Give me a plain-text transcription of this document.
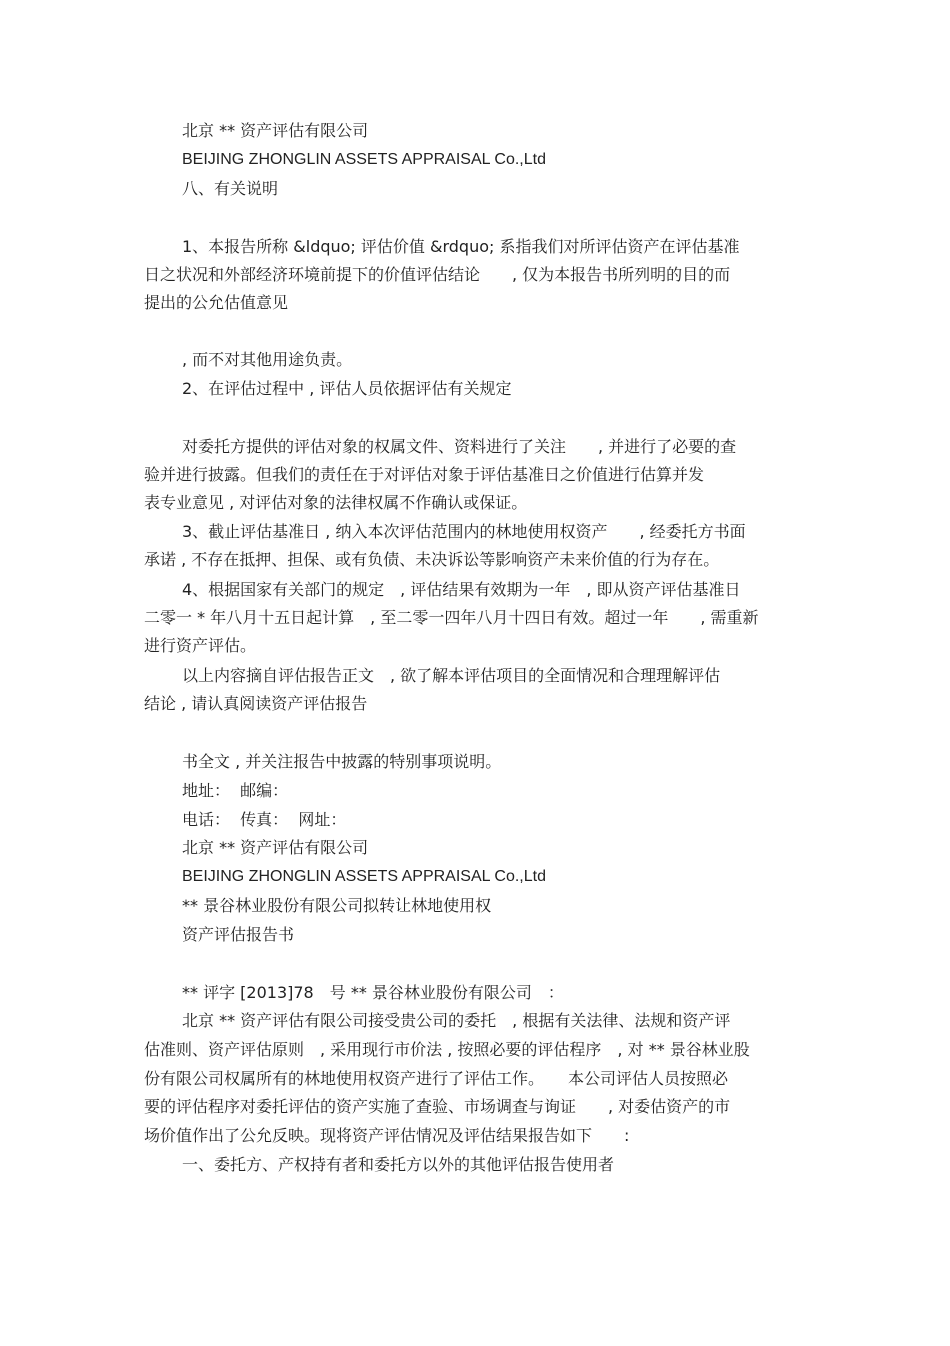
北京 ** 资产评估有限公司
BEIJING ZHONGLIN ASSETS APPRAISAL Co.,Ltd
八、有关说明
1、本报告所称 &ldquo; 评估价值 &rdquo; 系指我们对所评估资产在评估基准
日之状况和外部经济环境前提下的价值评估结论　　, 仅为本报告书所列明的目的而
提出的公允估值意见
, 而不对其他用途负责。
2、在评估过程中 , 评估人员依据评估有关规定
对委托方提供的评估对象的权属文件、资料进行了关注　　, 并进行了必要的查
验并进行披露。但我们的责任在于对评估对象于评估基准日之价值进行估算并发
表专业意见 , 对评估对象的法律权属不作确认或保证。
3、截止评估基准日 , 纳入本次评估范围内的林地使用权资产　　, 经委托方书面
承诺 , 不存在抵押、担保、或有负债、未决诉讼等影响资产未来价值的行为存在。
4、根据国家有关部门的规定　, 评估结果有效期为一年　, 即从资产评估基准日
二零一 * 年八月十五日起计算　, 至二零一四年八月十四日有效。超过一年　　, 需重新
进行资产评估。
以上内容摘自评估报告正文　, 欲了解本评估项目的全面情况和合理理解评估
结论 , 请认真阅读资产评估报告
书全文 , 并关注报告中披露的特别事项说明。
地址：  邮编：
电话：  传真：  网址：
北京 ** 资产评估有限公司
BEIJING ZHONGLIN ASSETS APPRAISAL Co.,Ltd
** 景谷林业股份有限公司拟转让林地使用权
资产评估报告书
** 评字 [2013]78　号 ** 景谷林业股份有限公司　：
北京 ** 资产评估有限公司接受贵公司的委托　, 根据有关法律、法规和资产评
估准则、资产评估原则　, 采用现行市价法 , 按照必要的评估程序　, 对 ** 景谷林业股
份有限公司权属所有的林地使用权资产进行了评估工作。　　本公司评估人员按照必
要的评估程序对委托评估的资产实施了查验、市场调查与询证　　, 对委估资产的市
场价值作出了公允反映。现将资产评估情况及评估结果报告如下　　:
一、委托方、产权持有者和委托方以外的其他评估报告使用者
